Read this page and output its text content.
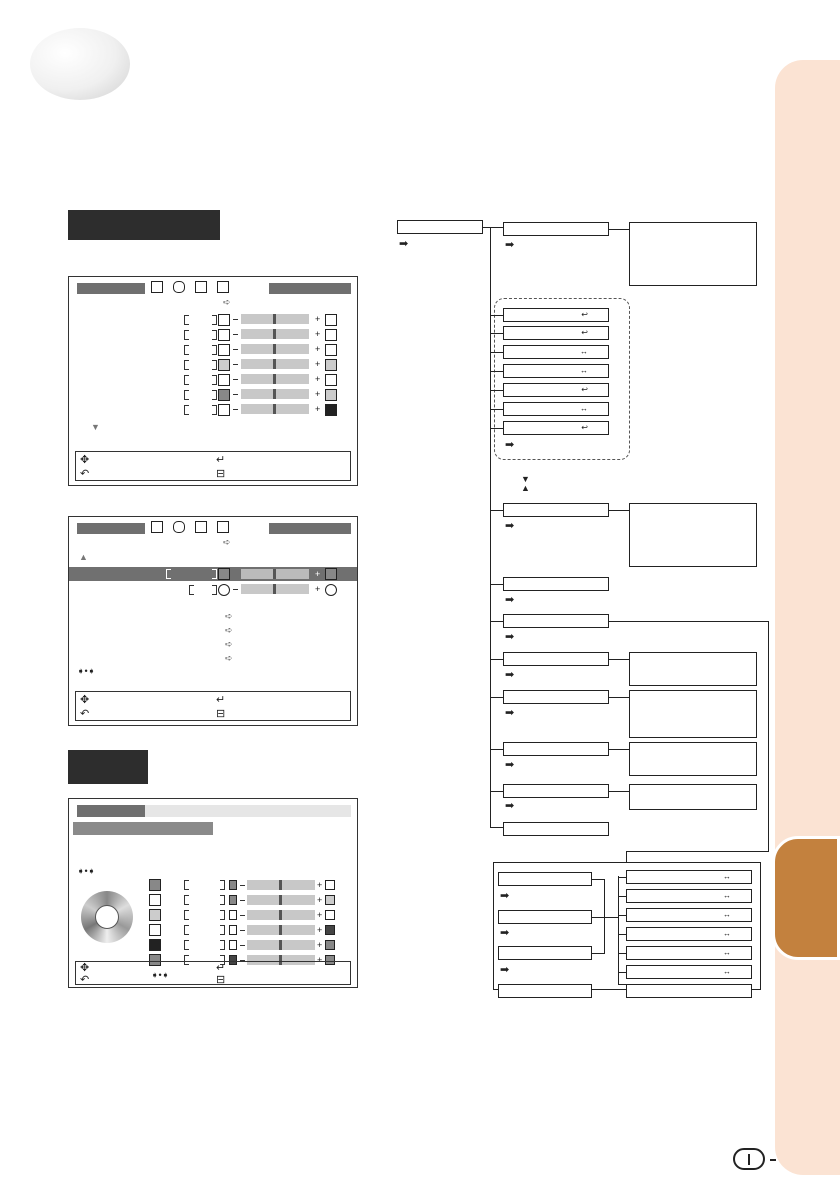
➪
+
+
+
+
+
+
+
▼
✥	↵
↶	⊟
➪
▲
+
+
➪
➪
➪
➪
➧•➧
✥	↵
↶	⊟
➧•➧
+
+
+
+
+
+
➧•➧
✥	↵
↶	⊟
➡	➡
↩
↩
↔
↔
↩
↔
↩
➡
▼
▲
➡
➡
➡
➡
➡
➡
➡
➡
➡
➡
↔
↔
↔
↔
↔
↔
